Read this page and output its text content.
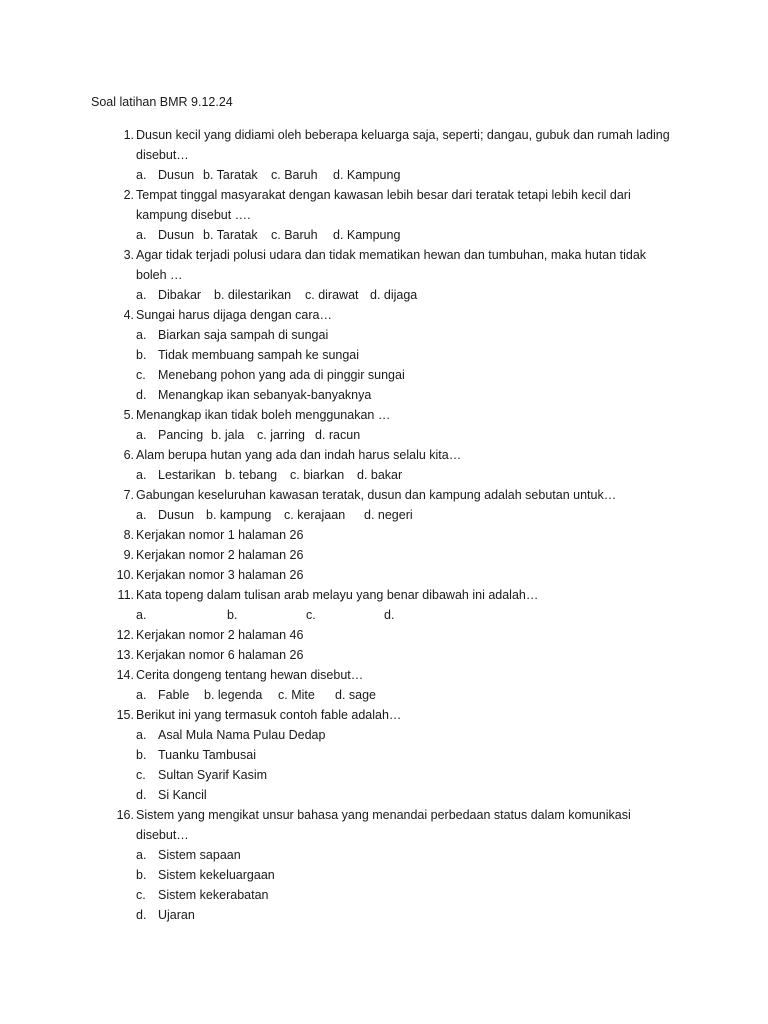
Soal latihan BMR 9.12.24
1. Dusun kecil yang didiami oleh beberapa keluarga saja, seperti; dangau, gubuk dan rumah lading disebut…
a. Dusun b. Taratak c. Baruh d. Kampung
2. Tempat tinggal masyarakat dengan kawasan lebih besar dari teratak tetapi lebih kecil dari kampung disebut ….
a. Dusun b. Taratak c. Baruh d. Kampung
3. Agar tidak terjadi polusi udara dan tidak mematikan hewan dan tumbuhan, maka hutan tidak boleh …
a. Dibakar b. dilestarikan c. dirawat d. dijaga
4. Sungai harus dijaga dengan cara…
a. Biarkan saja sampah di sungai
b. Tidak membuang sampah ke sungai
c. Menebang pohon yang ada di pinggir sungai
d. Menangkap ikan sebanyak-banyaknya
5. Menangkap ikan tidak boleh menggunakan …
a. Pancing b. jala c. jarring d. racun
6. Alam berupa hutan yang ada dan indah harus selalu kita…
a. Lestarikan b. tebang c. biarkan d. bakar
7. Gabungan keseluruhan kawasan teratak, dusun dan kampung adalah sebutan untuk…
a. Dusun b. kampung c. kerajaan d. negeri
8. Kerjakan nomor 1 halaman 26
9. Kerjakan nomor 2 halaman 26
10. Kerjakan nomor 3 halaman 26
11. Kata topeng dalam tulisan arab melayu yang benar dibawah ini adalah…
a.	b.	c.	d.
12. Kerjakan nomor 2 halaman 46
13. Kerjakan nomor 6 halaman 26
14. Cerita dongeng tentang hewan disebut…
a. Fable b. legenda c. Mite d. sage
15. Berikut ini yang termasuk contoh fable adalah…
a. Asal Mula Nama Pulau Dedap
b. Tuanku Tambusai
c. Sultan Syarif Kasim
d. Si Kancil
16. Sistem yang mengikat unsur bahasa yang menandai perbedaan status dalam komunikasi disebut…
a. Sistem sapaan
b. Sistem kekeluargaan
c. Sistem kekerabatan
d. Ujaran
